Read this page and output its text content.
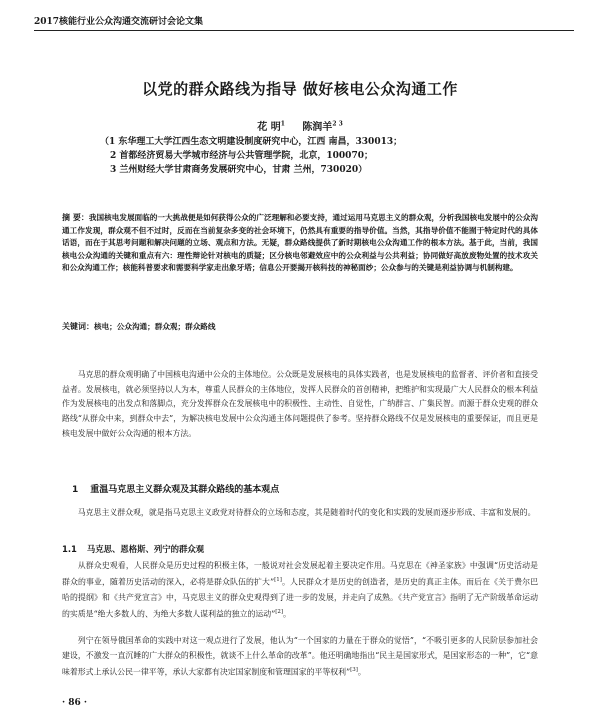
2017核能行业公众沟通交流研讨会论文集
以党的群众路线为指导 做好核电公众沟通工作
花 明$^1$ 陈润羊$^{2 3}$
（1 东华理工大学江西生态文明建设制度研究中心，江西 南昌，330013；
2 首都经济贸易大学城市经济与公共管理学院，北京，100070；
3 兰州财经大学甘肃商务发展研究中心，甘肃 兰州，730020）
摘 要：我国核电发展面临的一大挑战便是如何获得公众的广泛理解和必要支持，通过运用马克思主义的群众观，分析我国核电发展中的公众沟通工作发现，群众观不但不过时，反而在当前复杂多变的社会环境下，仍然具有重要的指导价值。当然，其指导价值不能囿于特定时代的具体话语，而在于其思考问题和解决问题的立场、观点和方法。无疑，群众路线提供了新时期核电公众沟通工作的根本方法。基于此，当前，我国核电公众沟通的关键和重点有六：理性辩论针对核电的质疑；区分核电邻避效应中的公众利益与公共利益；协同做好高放废物处置的技术攻关和公众沟通工作；核能科普要求和需要科学家走出象牙塔；信息公开要揭开核科技的神秘面纱；公众参与的关键是利益协调与机制构建。
关键词：核电；公众沟通；群众观；群众路线
马克思的群众观明确了中国核电沟通中公众的主体地位。公众既是发展核电的具体实践者，也是发展核电的监督者、评价者和直接受益者。发展核电，就必须坚持以人为本，尊重人民群众的主体地位，发挥人民群众的首创精神，把维护和实现最广大人民群众的根本利益作为发展核电的出发点和落脚点，充分发挥群众在发展核电中的积极性、主动性、自觉性，广纳群言、广集民智。而源于群众史观的群众路线“从群众中来，到群众中去”，为解决核电发展中公众沟通主体问题提供了参考。坚持群众路线不仅是发展核电的重要保证，而且更是核电发展中做好公众沟通的根本方法。
1 重温马克思主义群众观及其群众路线的基本观点
马克思主义群众观，就是指马克思主义政党对待群众的立场和态度，其是随着时代的变化和实践的发展而逐步形成、丰富和发展的。
1.1 马克思、恩格斯、列宁的群众观
从群众史观看，人民群众是历史过程的积极主体，一般说对社会发展起着主要决定作用。马克思在《神圣家族》中强调“历史活动是群众的事业，随着历史活动的深入，必将是群众队伍的扩大”[1]。人民群众才是历史的创造者，是历史的真正主体。而后在《关于费尔巴哈的提纲》和《共产党宣言》中，马克思主义的群众史观得到了进一步的发展，并走向了成熟。《共产党宣言》指明了无产阶级革命运动的实质是“绝大多数人的、为绝大多数人谋利益的独立的运动”[2]。
列宁在领导俄国革命的实践中对这一观点进行了发展，他认为“一个国家的力量在于群众的觉悟”，“不吸引更多的人民阶层参加社会建设，不激发一直沉睡的广大群众的积极性，就谈不上什么革命的改革”。他还明确地指出“民主是国家形式，是国家形态的一种”，它“意味着形式上承认公民一律平等，承认大家都有决定国家制度和管理国家的平等权利”[3]。
· 86 ·
